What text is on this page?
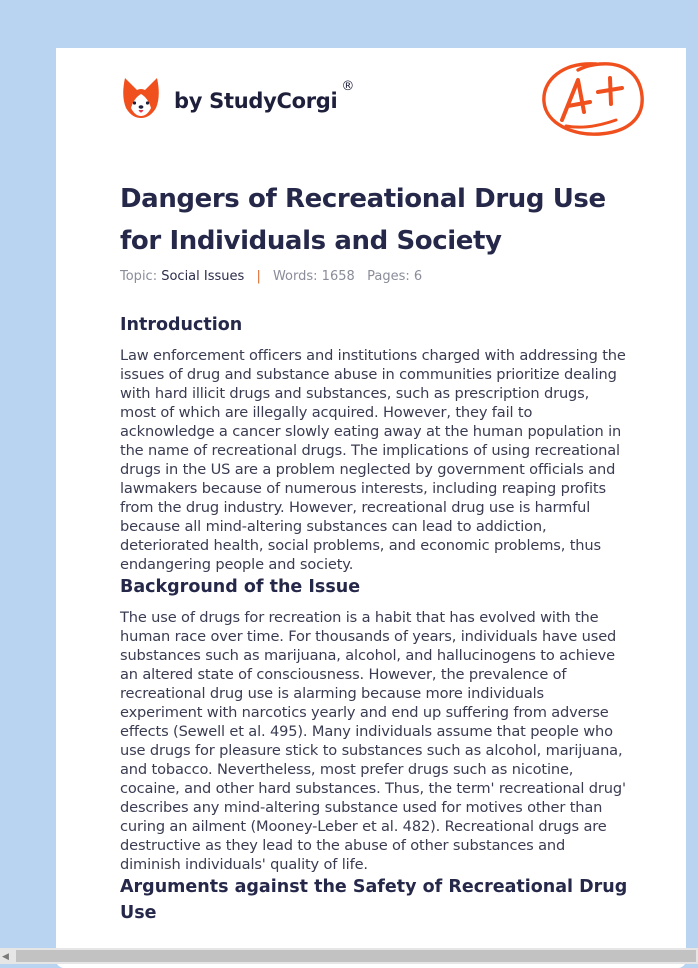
by StudyCorgi®
Dangers of Recreational Drug Use for Individuals and Society
Topic: Social Issues | Words: 1658 Pages: 6
Introduction

Law enforcement officers and institutions charged with addressing the issues of drug and substance abuse in communities prioritize dealing with hard illicit drugs and substances, such as prescription drugs, most of which are illegally acquired. However, they fail to acknowledge a cancer slowly eating away at the human population in the name of recreational drugs. The implications of using recreational drugs in the US are a problem neglected by government officials and lawmakers because of numerous interests, including reaping profits from the drug industry. However, recreational drug use is harmful because all mind-altering substances can lead to addiction, deteriorated health, social problems, and economic problems, thus endangering people and society.

Background of the Issue

The use of drugs for recreation is a habit that has evolved with the human race over time. For thousands of years, individuals have used substances such as marijuana, alcohol, and hallucinogens to achieve an altered state of consciousness. However, the prevalence of recreational drug use is alarming because more individuals experiment with narcotics yearly and end up suffering from adverse effects (Sewell et al. 495). Many individuals assume that people who use drugs for pleasure stick to substances such as alcohol, marijuana, and tobacco. Nevertheless, most prefer drugs such as nicotine, cocaine, and other hard substances. Thus, the term' recreational drug' describes any mind-altering substance used for motives other than curing an ailment (Mooney-Leber et al. 482). Recreational drugs are destructive as they lead to the abuse of other substances and diminish individuals' quality of life.

Arguments against the Safety of Recreational Drug Use
◀
